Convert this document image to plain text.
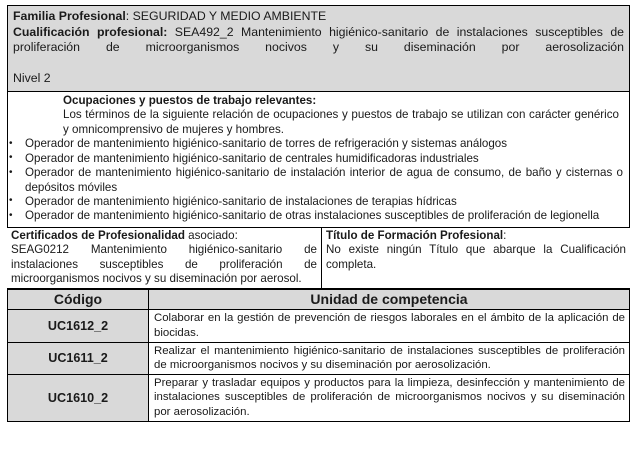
Familia Profesional: SEGURIDAD Y MEDIO AMBIENTE
Cualificación profesional: SEA492_2 Mantenimiento higiénico-sanitario de instalaciones susceptibles de proliferación de microorganismos nocivos y su diseminación por aerosolización
Nivel 2
Ocupaciones y puestos de trabajo relevantes:
Los términos de la siguiente relación de ocupaciones y puestos de trabajo se utilizan con carácter genérico y omnicomprensivo de mujeres y hombres.
• Operador de mantenimiento higiénico-sanitario de torres de refrigeración y sistemas análogos
• Operador de mantenimiento higiénico-sanitario de centrales humidificadoras industriales
• Operador de mantenimiento higiénico-sanitario de instalación interior de agua de consumo, de baño y cisternas o depósitos móviles
• Operador de mantenimiento higiénico-sanitario de instalaciones de terapias hídricas
• Operador de mantenimiento higiénico-sanitario de otras instalaciones susceptibles de proliferación de legionella
Certificados de Profesionalidad asociado:
SEAG0212 Mantenimiento higiénico-sanitario de instalaciones susceptibles de proliferación de microorganismos nocivos y su diseminación por aerosol.

Título de Formación Profesional:
No existe ningún Título que abarque la Cualificación completa.
Código	Unidad de competencia
UC1612_2	Colaborar en la gestión de prevención de riesgos laborales en el ámbito de la aplicación de biocidas.
UC1611_2	Realizar el mantenimiento higiénico-sanitario de instalaciones susceptibles de proliferación de microorganismos nocivos y su diseminación por aerosolización.
UC1610_2	Preparar y trasladar equipos y productos para la limpieza, desinfección y mantenimiento de instalaciones susceptibles de proliferación de microorganismos nocivos y su diseminación por aerosolización.
